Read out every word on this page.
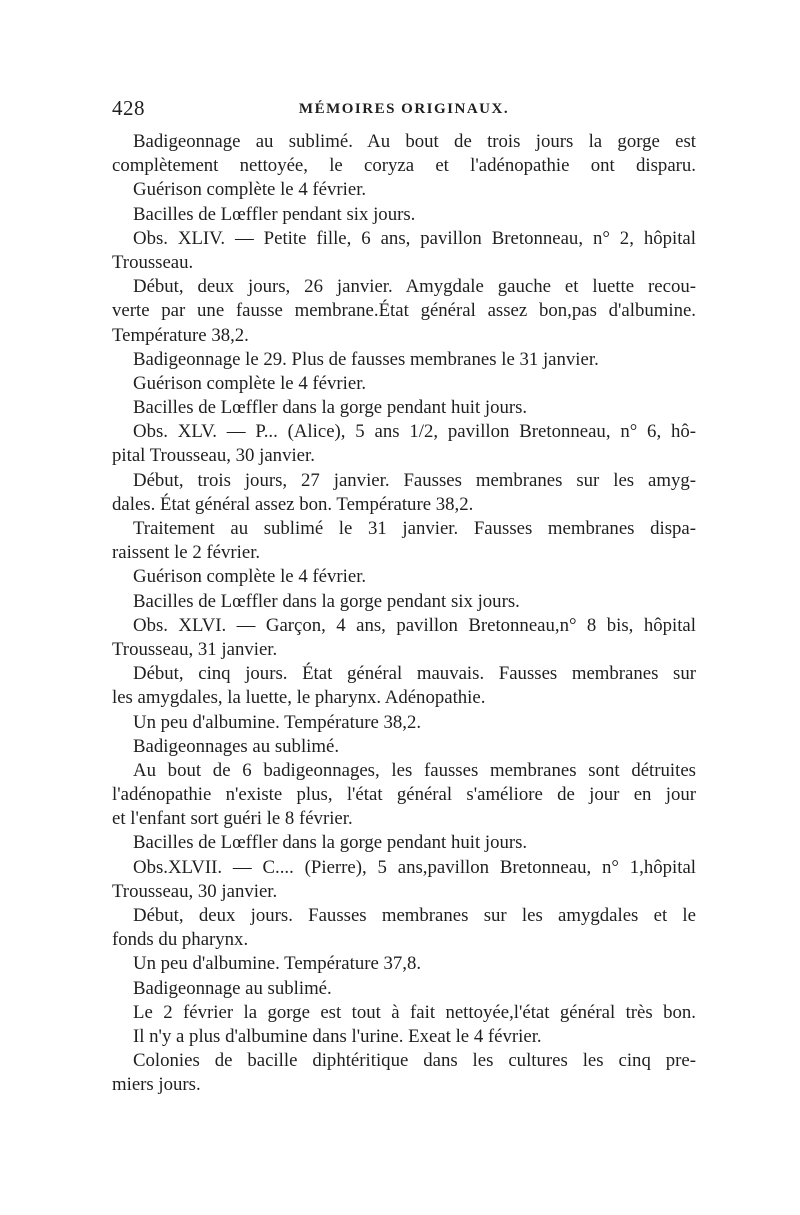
428	MÉMOIRES ORIGINAUX.
Badigeonnage au sublimé. Au bout de trois jours la gorge est
complètement nettoyée, le coryza et l'adénopathie ont disparu.
Guérison complète le 4 février.
Bacilles de Lœffler pendant six jours.
Obs. XLIV. — Petite fille, 6 ans, pavillon Bretonneau, n° 2, hôpital
Trousseau.
Début, deux jours, 26 janvier. Amygdale gauche et luette recou-
verte par une fausse membrane.État général assez bon,pas d'albumine.
Température 38,2.
Badigeonnage le 29. Plus de fausses membranes le 31 janvier.
Guérison complète le 4 février.
Bacilles de Lœffler dans la gorge pendant huit jours.
Obs. XLV. — P... (Alice), 5 ans 1/2, pavillon Bretonneau, n° 6, hô-
pital Trousseau, 30 janvier.
Début, trois jours, 27 janvier. Fausses membranes sur les amyg-
dales. État général assez bon. Température 38,2.
Traitement au sublimé le 31 janvier. Fausses membranes dispa-
raissent le 2 février.
Guérison complète le 4 février.
Bacilles de Lœffler dans la gorge pendant six jours.
Obs. XLVI. — Garçon, 4 ans, pavillon Bretonneau,n° 8 bis, hôpital
Trousseau, 31 janvier.
Début, cinq jours. État général mauvais. Fausses membranes sur
les amygdales, la luette, le pharynx. Adénopathie.
Un peu d'albumine. Température 38,2.
Badigeonnages au sublimé.
Au bout de 6 badigeonnages, les fausses membranes sont détruites
l'adénopathie n'existe plus, l'état général s'améliore de jour en jour
et l'enfant sort guéri le 8 février.
Bacilles de Lœffler dans la gorge pendant huit jours.
Obs.XLVII. — C.... (Pierre), 5 ans,pavillon Bretonneau, n° 1,hôpital
Trousseau, 30 janvier.
Début, deux jours. Fausses membranes sur les amygdales et le
fonds du pharynx.
Un peu d'albumine. Température 37,8.
Badigeonnage au sublimé.
Le 2 février la gorge est tout à fait nettoyée,l'état général très bon.
Il n'y a plus d'albumine dans l'urine. Exeat le 4 février.
Colonies de bacille diphtéritique dans les cultures les cinq pre-
miers jours.
